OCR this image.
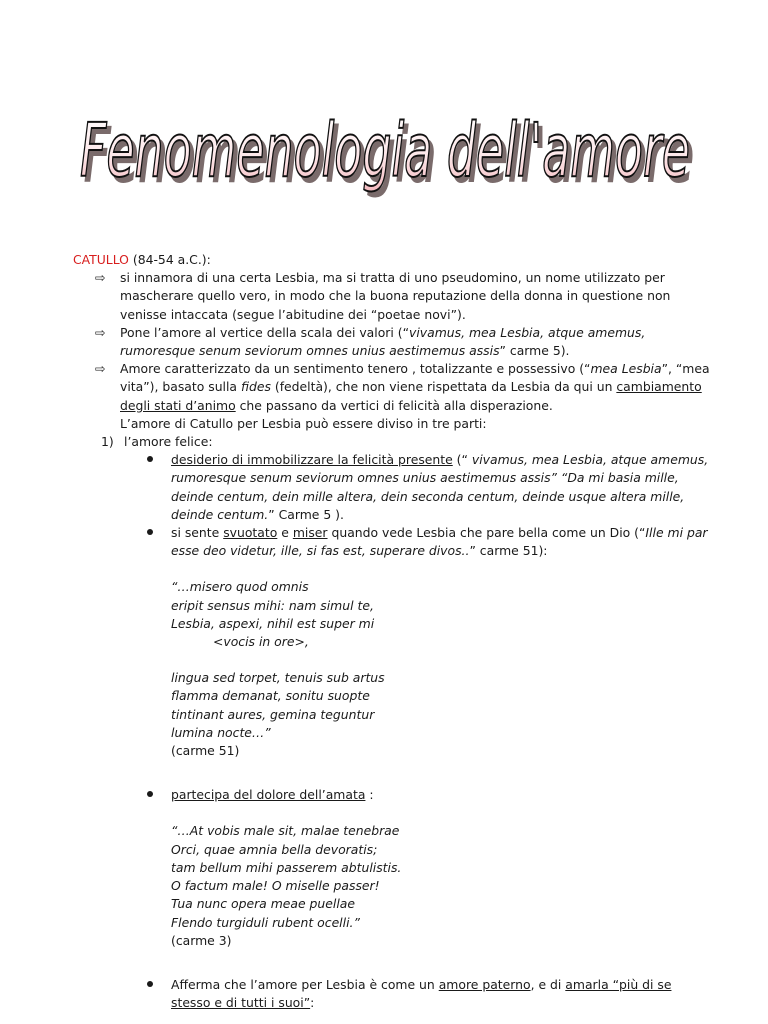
Fenomenologia dell'amore
Fenomenologia dell'amore
CATULLO (84-54 a.C.):
⇨ si innamora di una certa Lesbia, ma si tratta di uno pseudomino, un nome utilizzato per mascherare quello vero, in modo che la buona reputazione della donna in questione non venisse intaccata (segue l’abitudine dei “poetae novi”).
⇨ Pone l’amore al vertice della scala dei valori (“vivamus, mea Lesbia, atque amemus, rumoresque senum seviorum omnes unius aestimemus assis” carme 5).
⇨ Amore caratterizzato da un sentimento tenero , totalizzante e possessivo (“mea Lesbia”, “mea vita”), basato sulla fides (fedeltà), che non viene rispettata da Lesbia da qui un cambiamento degli stati d’animo che passano da vertici di felicità alla disperazione.
L’amore di Catullo per Lesbia può essere diviso in tre parti:
1) l’amore felice:
desiderio di immobilizzare la felicità presente (“ vivamus, mea Lesbia, atque amemus, rumoresque senum seviorum omnes unius aestimemus assis” “Da mi basia mille, deinde centum, dein mille altera, dein seconda centum, deinde usque altera mille, deinde centum.” Carme 5 ).
si sente svuotato e miser quando vede Lesbia che pare bella come un Dio (“Ille mi par esse deo videtur, ille, si fas est, superare divos..” carme 51):
“…misero quod omnis
eripit sensus mihi: nam simul te,
Lesbia, aspexi, nihil est super mi
<vocis in ore>,
lingua sed torpet, tenuis sub artus
flamma demanat, sonitu suopte
tintinant aures, gemina teguntur
lumina nocte…”
(carme 51)
partecipa del dolore dell’amata :
“…At vobis male sit, malae tenebrae
Orci, quae amnia bella devoratis;
tam bellum mihi passerem abtulistis.
O factum male! O miselle passer!
Tua nunc opera meae puellae
Flendo turgiduli rubent ocelli.”
(carme 3)
Afferma che l’amore per Lesbia è come un amore paterno, e di amarla “più di se stesso e di tutti i suoi”:
